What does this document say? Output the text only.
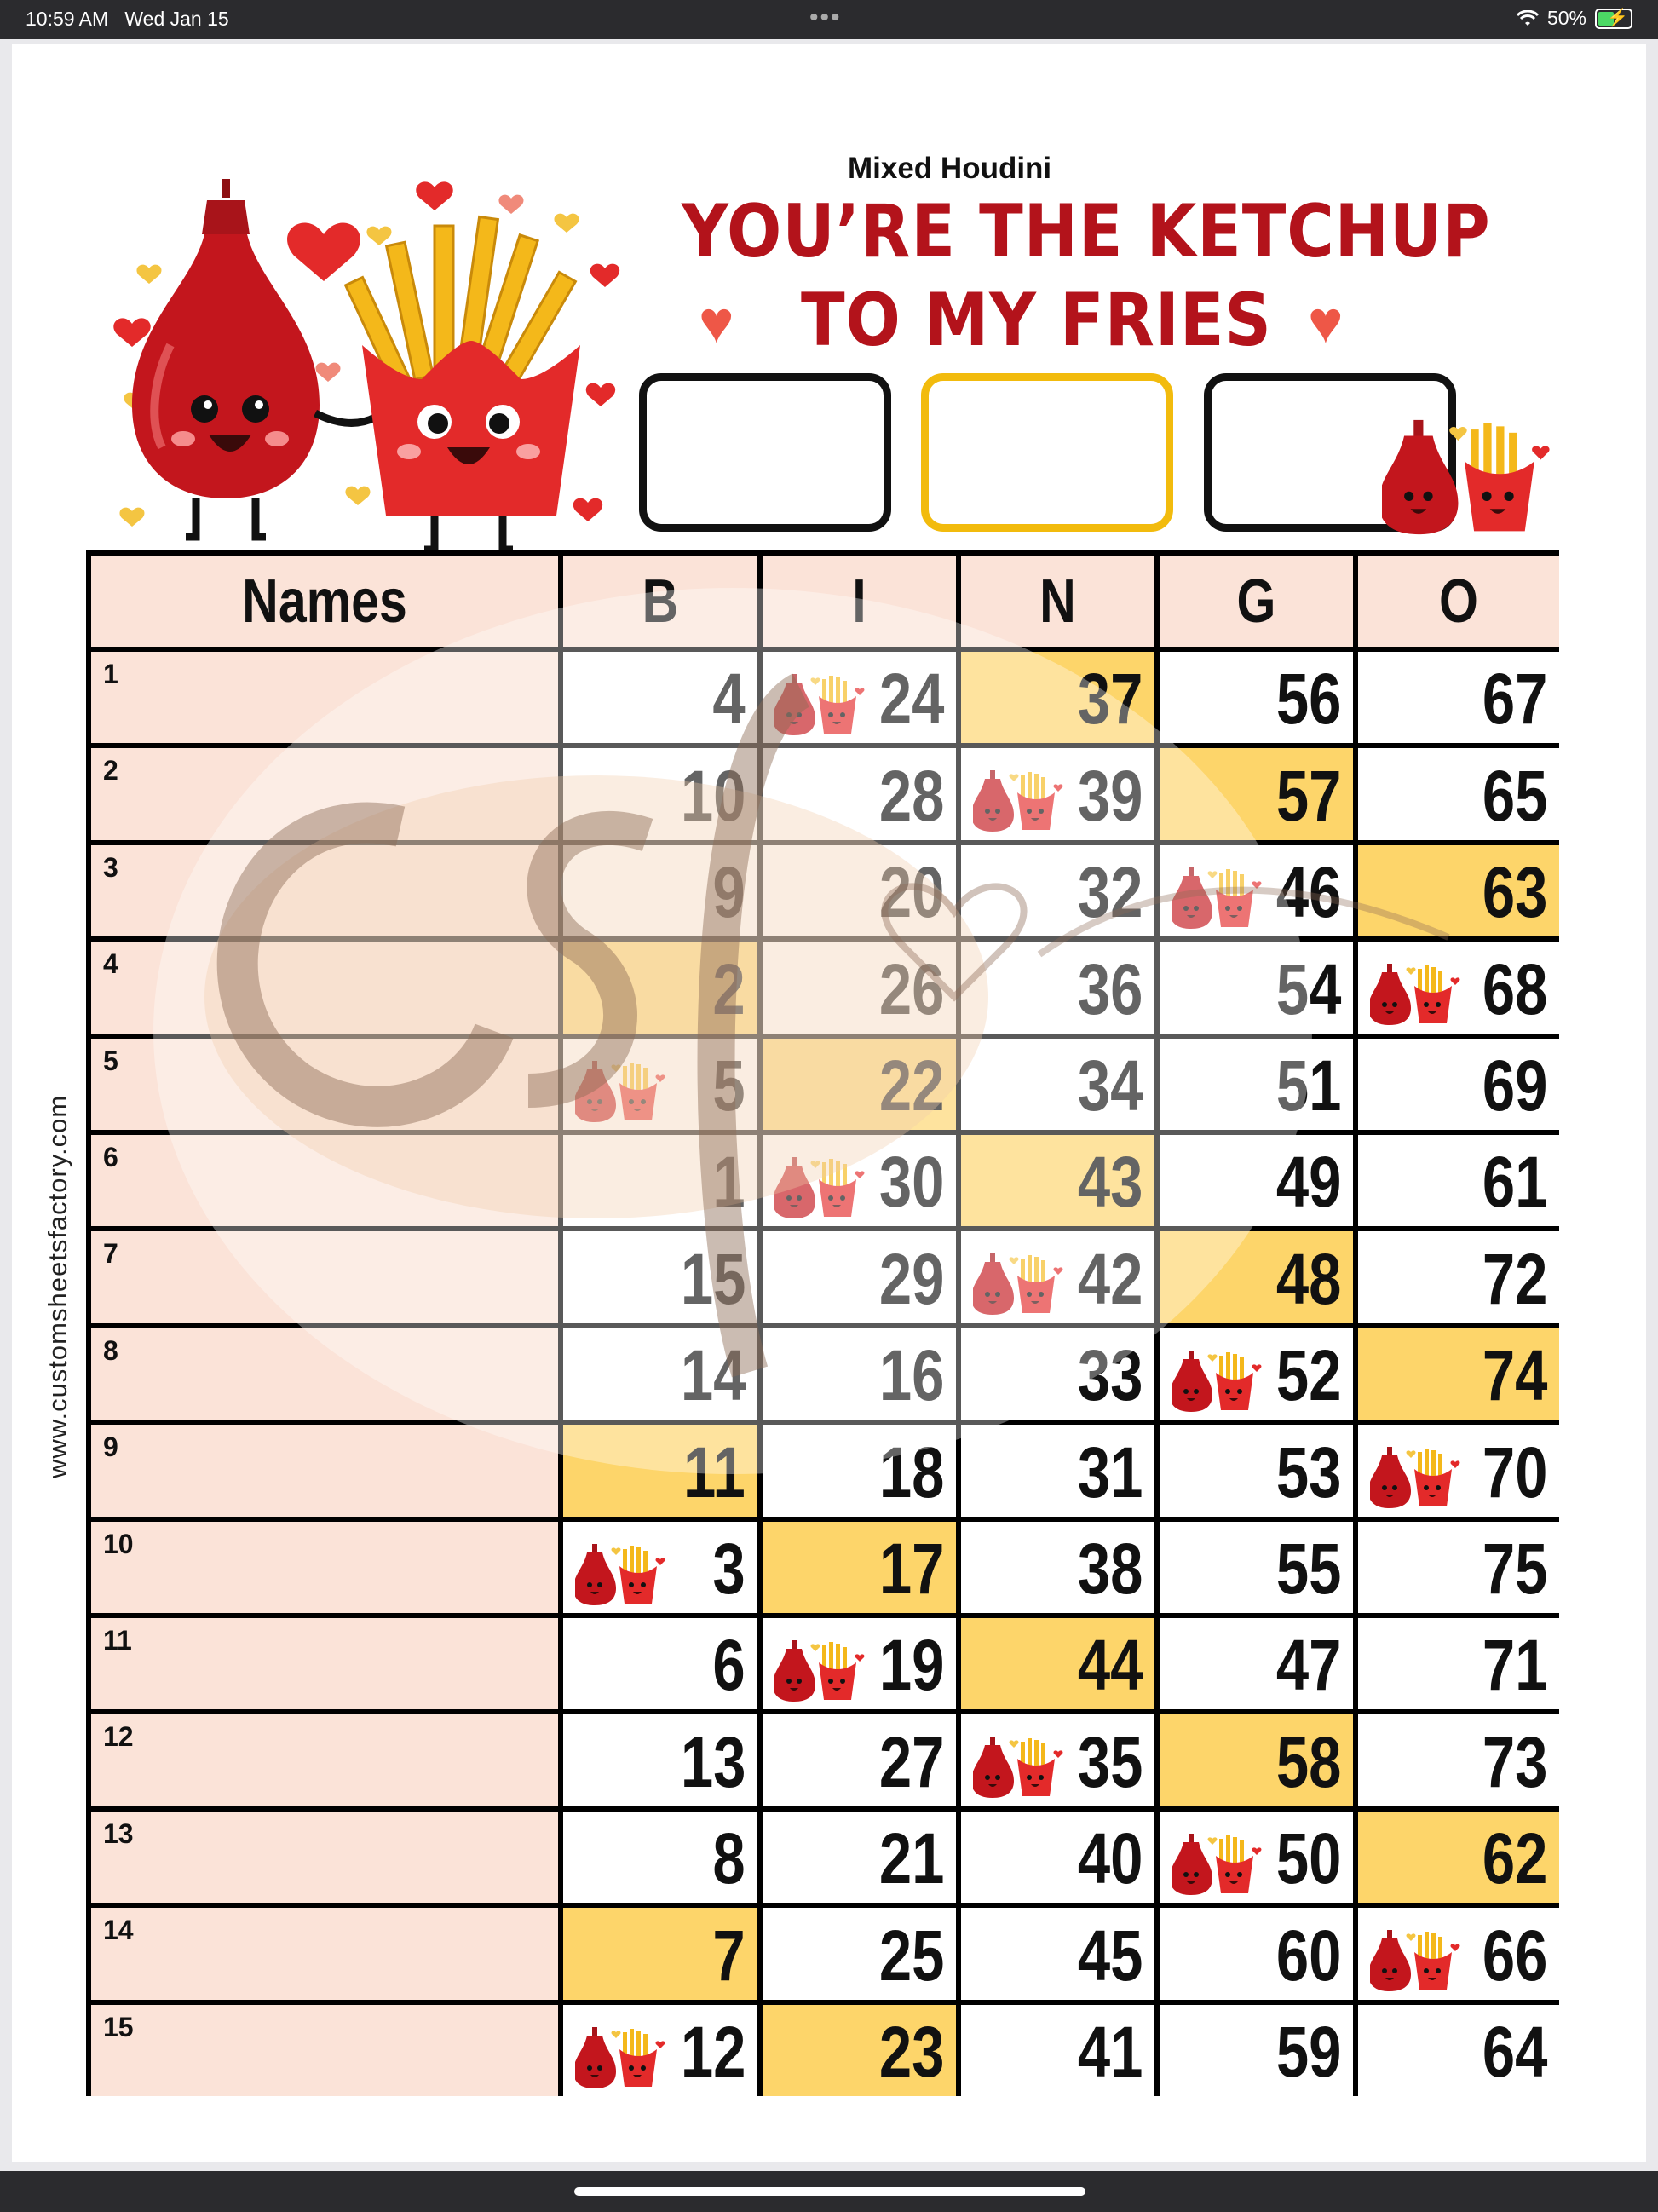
10:59 AM Wed Jan 15	•••	50% ⚡
www.customsheetsfactory.com
Mixed Houdini
YOU’RE THE KETCHUP
TO MY FRIES
♥	♥
Names	B	I	N	G	O
1	4 24 37 56 67
2	10 28 39 57 65
3	9 20 32 46 63
4	2 26 36 54 68
5	5 22 34 51 69
6	1 30 43 49 61
7	15 29 42 48 72
8	14 16 33 52 74
9	11 18 31 53 70
10	3 17 38 55 75
11	6 19 44 47 71
12	13 27 35 58 73
13	8 21 40 50 62
14	7 25 45 60 66
15	12 23 41 59 64
